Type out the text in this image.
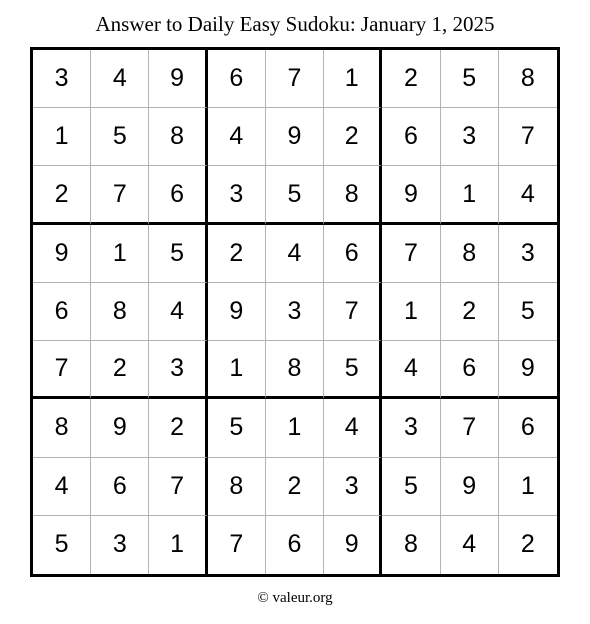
Answer to Daily Easy Sudoku: January 1, 2025
3	4	9	6	7	1	2	5	8
1	5	8	4	9	2	6	3	7
2	7	6	3	5	8	9	1	4
9	1	5	2	4	6	7	8	3
6	8	4	9	3	7	1	2	5
7	2	3	1	8	5	4	6	9
8	9	2	5	1	4	3	7	6
4	6	7	8	2	3	5	9	1
5	3	1	7	6	9	8	4	2
© valeur.org
